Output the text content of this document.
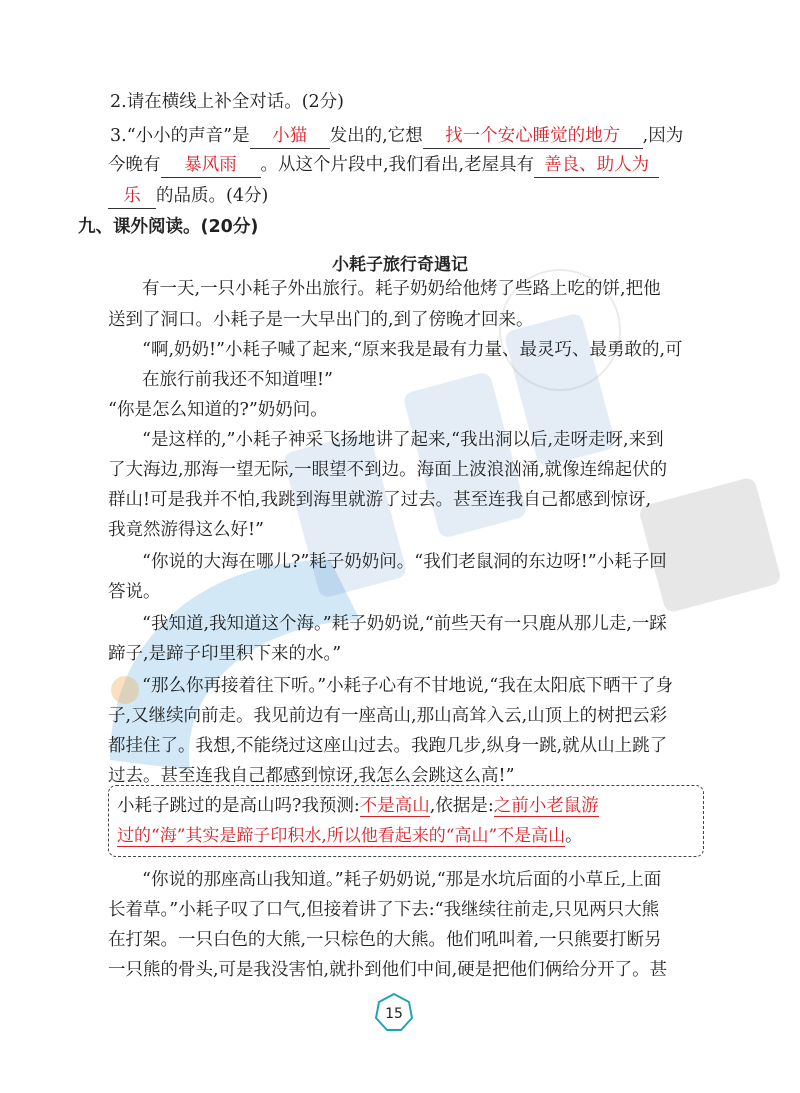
2.请在横线上补全对话。(2分)
3.“小小的声音”是 小猫 发出的,它想 找一个安心睡觉的地方 ,因为
今晚有 暴风雨 。从这个片段中,我们看出,老屋具有 善良、助人为
乐 的品质。(4分)
九、课外阅读。(20分)
小耗子旅行奇遇记
有一天,一只小耗子外出旅行。耗子奶奶给他烤了些路上吃的饼,把他
送到了洞口。小耗子是一大早出门的,到了傍晚才回来。
“啊,奶奶!”小耗子喊了起来,“原来我是最有力量、最灵巧、最勇敢的,可
在旅行前我还不知道哩!”
“你是怎么知道的?”奶奶问。
“是这样的,”小耗子神采飞扬地讲了起来,“我出洞以后,走呀走呀,来到
了大海边,那海一望无际,一眼望不到边。海面上波浪汹涌,就像连绵起伏的
群山!可是我并不怕,我跳到海里就游了过去。甚至连我自己都感到惊讶,
我竟然游得这么好!”
“你说的大海在哪儿?”耗子奶奶问。“我们老鼠洞的东边呀!”小耗子回
答说。
“我知道,我知道这个海。”耗子奶奶说,“前些天有一只鹿从那儿走,一踩
蹄子,是蹄子印里积下来的水。”
“那么你再接着往下听。”小耗子心有不甘地说,“我在太阳底下晒干了身
子,又继续向前走。我见前边有一座高山,那山高耸入云,山顶上的树把云彩
都挂住了。我想,不能绕过这座山过去。我跑几步,纵身一跳,就从山上跳了
过去。甚至连我自己都感到惊讶,我怎么会跳这么高!”
小耗子跳过的是高山吗?我预测:不是高山,依据是:之前小老鼠游
过的“海”其实是蹄子印积水,所以他看起来的“高山”不是高山。
“你说的那座高山我知道。”耗子奶奶说,“那是水坑后面的小草丘,上面
长着草。”小耗子叹了口气,但接着讲了下去:“我继续往前走,只见两只大熊
在打架。一只白色的大熊,一只棕色的大熊。他们吼叫着,一只熊要打断另
一只熊的骨头,可是我没害怕,就扑到他们中间,硬是把他们俩给分开了。甚
15
